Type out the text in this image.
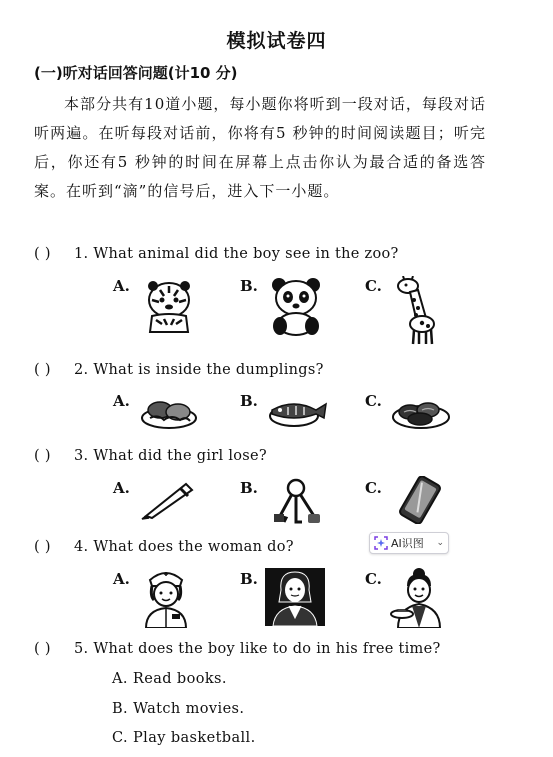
模拟试卷四
(一)听对话回答问题(计10 分)
本部分共有10道小题，每小题你将听到一段对话，每段对话听两遍。在听每段对话前，你将有5 秒钟的时间阅读题目；听完后，你还有5 秒钟的时间在屏幕上点击你认为最合适的备选答案。在听到“滴”的信号后，进入下一小题。
( ) 1. What animal did the boy see in the zoo?
A.	B.	C.
( ) 2. What is inside the dumplings?
A.	B.	C.
( ) 3. What did the girl lose?
A.	B.	C.
( ) 4. What does the woman do?	AI识图 ⌄
A.	B.	C.
( ) 5. What does the boy like to do in his free time?
A. Read books.
B. Watch movies.
C. Play basketball.
